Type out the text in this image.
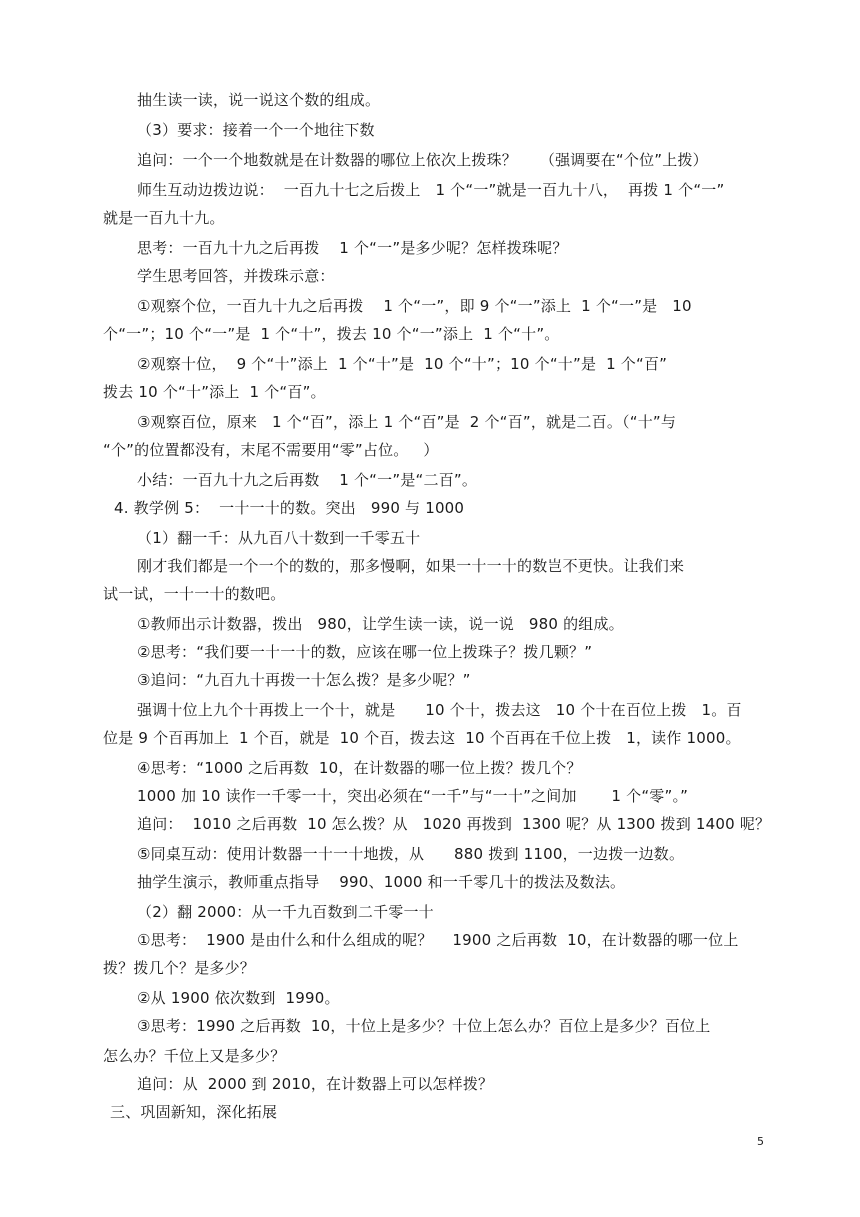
抽生读一读，说一说这个数的组成。
（3）要求：接着一个一个地往下数
追问：一个一个地数就是在计数器的哪位上依次上拨珠？　　（强调要在“个位”上拨）
师生互动边拨边说：  一百九十七之后拨上   1 个“一”就是一百九十八，  再拨 1 个“一”
就是一百九十九。
思考：一百九十九之后再拨    1 个“一”是多少呢？怎样拨珠呢？
学生思考回答，并拨珠示意：
①观察个位，一百九十九之后再拨    1 个“一”，即 9 个“一”添上  1 个“一”是   10
个“一”；10 个“一”是  1 个“十”，拨去 10 个“一”添上  1 个“十”。
②观察十位，  9 个“十”添上  1 个“十”是  10 个“十”；10 个“十”是  1 个“百”
拨去 10 个“十”添上  1 个“百”。
③观察百位，原来   1 个“百”，添上 1 个“百”是  2 个“百”，就是二百。（“十”与
“个”的位置都没有，末尾不需要用“零”占位。   ）
小结：一百九十九之后再数    1 个“一”是“二百”。
4. 教学例 5：  一十一十的数。突出   990 与 1000
（1）翻一千：从九百八十数到一千零五十
刚才我们都是一个一个的数的，那多慢啊，如果一十一十的数岂不更快。让我们来
试一试，一十一十的数吧。
①教师出示计数器，拨出   980，让学生读一读，说一说   980 的组成。
②思考：“我们要一十一十的数，应该在哪一位上拨珠子？拨几颗？”
③追问：“九百九十再拨一十怎么拨？是多少呢？”
强调十位上九个十再拨上一个十，就是      10 个十，拨去这   10 个十在百位上拨   1。百
位是 9 个百再加上  1 个百，就是  10 个百，拨去这  10 个百再在千位上拨   1，读作 1000。
④思考：“1000 之后再数  10，在计数器的哪一位上拨？拨几个？
1000 加 10 读作一千零一十，突出必须在“一千”与“一十”之间加       1 个“零”。”
追问：  1010 之后再数  10 怎么拨？从   1020 再拨到  1300 呢？从 1300 拨到 1400 呢？
⑤同桌互动：使用计数器一十一十地拨，从      880 拨到 1100，一边拨一边数。
抽学生演示，教师重点指导    990、1000 和一千零几十的拨法及数法。
（2）翻 2000：从一千九百数到二千零一十
①思考：  1900 是由什么和什么组成的呢？    1900 之后再数  10，在计数器的哪一位上
拨？拨几个？是多少？
②从 1900 依次数到  1990。
③思考：1990 之后再数  10，十位上是多少？十位上怎么办？百位上是多少？百位上
怎么办？千位上又是多少？
追问：从  2000 到 2010，在计数器上可以怎样拨？
三、巩固新知，深化拓展
5
